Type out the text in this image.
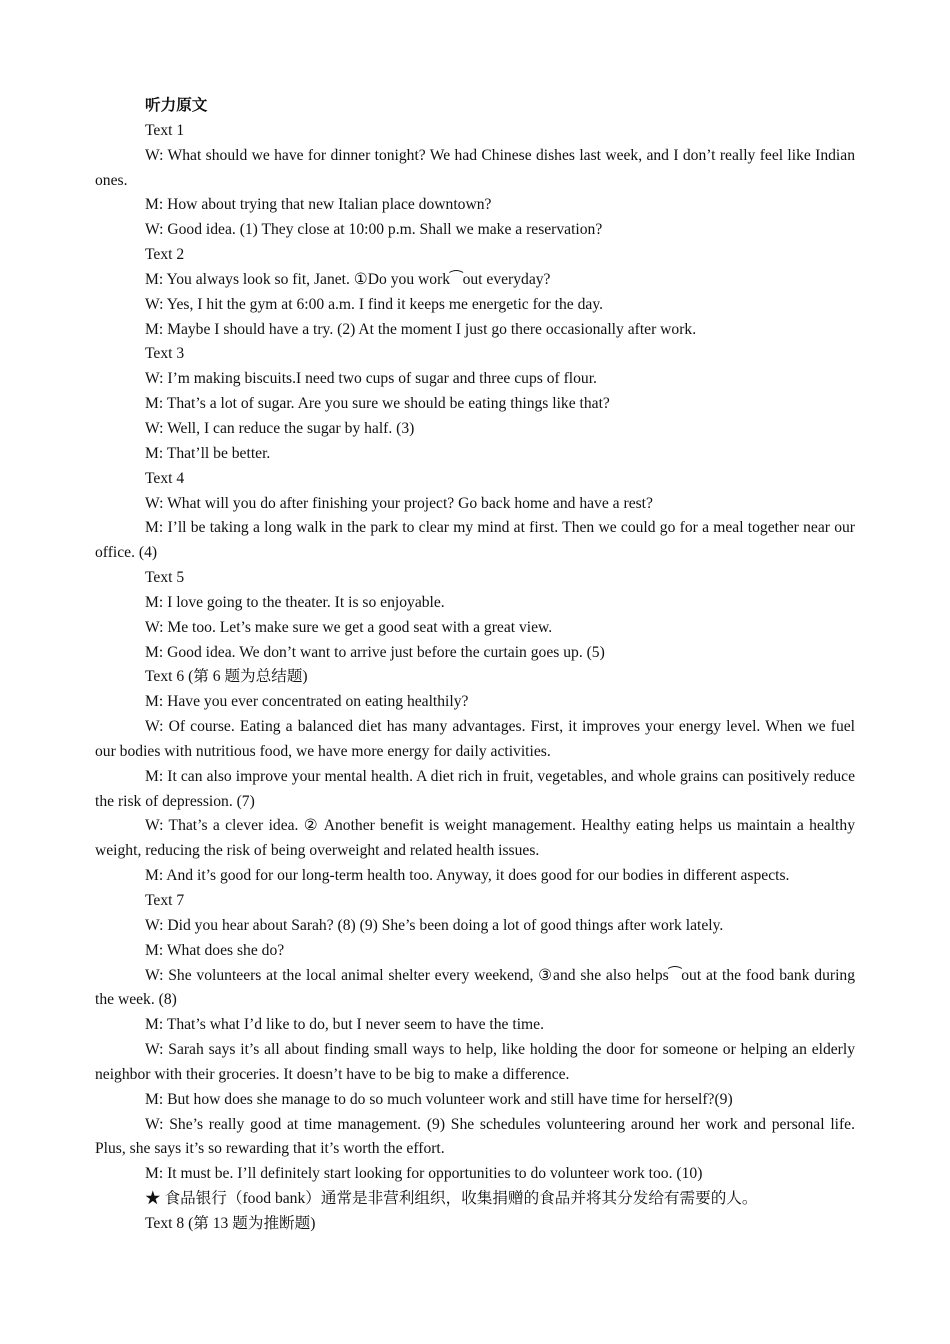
听力原文

Text 1

W: What should we have for dinner tonight? We had Chinese dishes last week, and I don’t really feel like Indian ones.

M: How about trying that new Italian place downtown?

W: Good idea. (1) They close at 10:00 p.m. Shall we make a reservation?

Text 2

M: You always look so fit, Janet. ①Do you work⁀out everyday?

W: Yes, I hit the gym at 6:00 a.m. I find it keeps me energetic for the day.

M: Maybe I should have a try. (2) At the moment I just go there occasionally after work.

Text 3

W: I’m making biscuits.I need two cups of sugar and three cups of flour.

M: That’s a lot of sugar. Are you sure we should be eating things like that?

W: Well, I can reduce the sugar by half. (3)

M: That’ll be better.

Text 4

W: What will you do after finishing your project? Go back home and have a rest?

M: I’ll be taking a long walk in the park to clear my mind at first. Then we could go for a meal together near our office. (4)

Text 5

M: I love going to the theater. It is so enjoyable.

W: Me too. Let’s make sure we get a good seat with a great view.

M: Good idea. We don’t want to arrive just before the curtain goes up. (5)

Text 6 (第 6 题为总结题)

M: Have you ever concentrated on eating healthily?

W: Of course. Eating a balanced diet has many advantages. First, it improves your energy level. When we fuel our bodies with nutritious food, we have more energy for daily activities.

M: It can also improve your mental health. A diet rich in fruit, vegetables, and whole grains can positively reduce the risk of depression. (7)

W: That’s a clever idea. ② Another benefit is weight management. Healthy eating helps us maintain a healthy weight, reducing the risk of being overweight and related health issues.

M: And it’s good for our long-term health too. Anyway, it does good for our bodies in different aspects.

Text 7

W: Did you hear about Sarah? (8) (9) She’s been doing a lot of good things after work lately.

M: What does she do?

W: She volunteers at the local animal shelter every weekend, ③and she also helps⁀out at the food bank during the week. (8)

M: That’s what I’d like to do, but I never seem to have the time.

W: Sarah says it’s all about finding small ways to help, like holding the door for someone or helping an elderly neighbor with their groceries. It doesn’t have to be big to make a difference.

M: But how does she manage to do so much volunteer work and still have time for herself?(9)

W: She’s really good at time management. (9) She schedules volunteering around her work and personal life. Plus, she says it’s so rewarding that it’s worth the effort.

M: It must be. I’ll definitely start looking for opportunities to do volunteer work too. (10)

★ 食品银行（food bank）通常是非营利组织，收集捐赠的食品并将其分发给有需要的人。

Text 8 (第 13 题为推断题)
